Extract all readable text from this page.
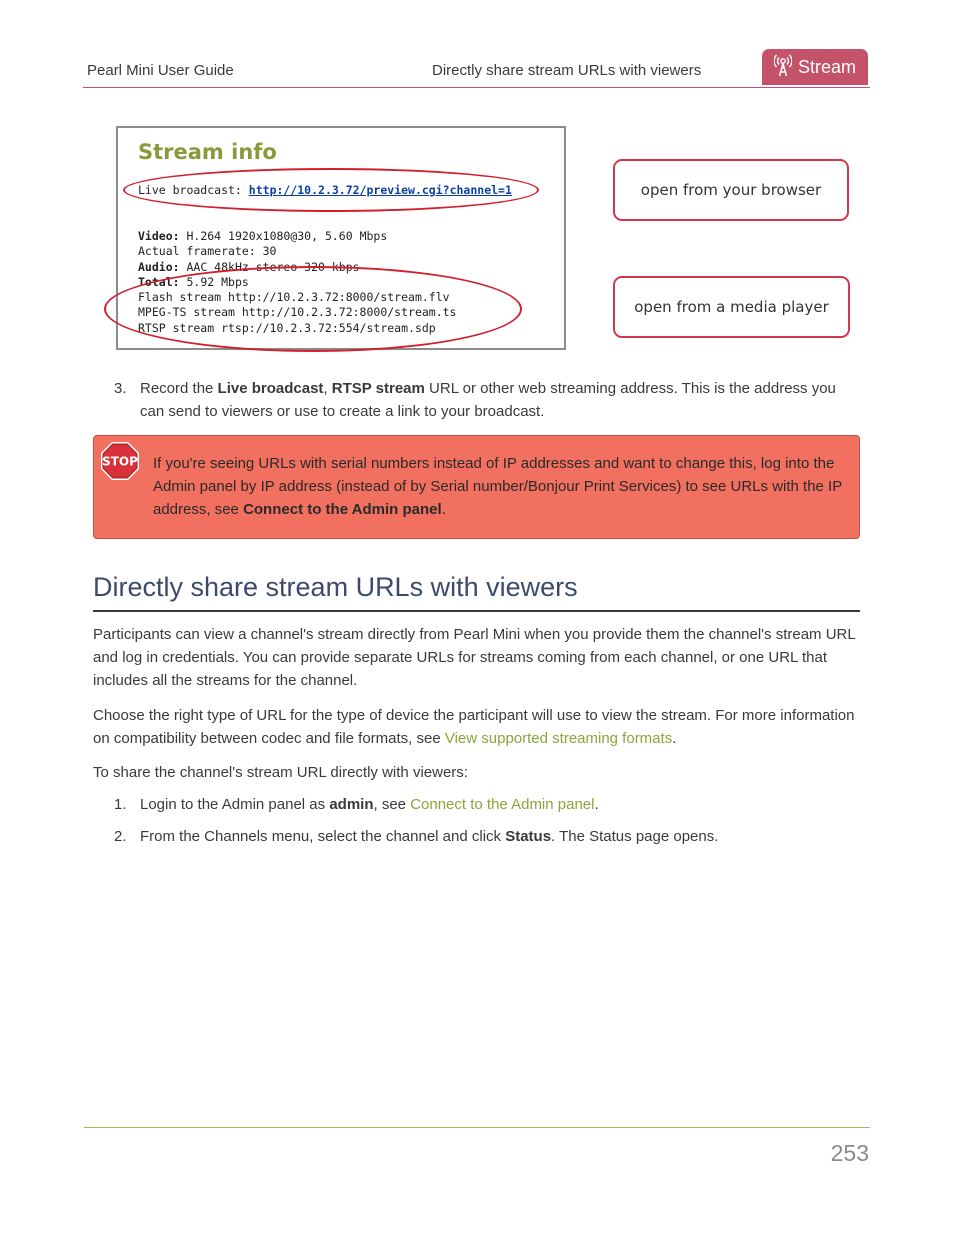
Pearl Mini User Guide	Directly share stream URLs with viewers	Stream
Stream info
Live broadcast: http://10.2.3.72/preview.cgi?channel=1
Video: H.264 1920x1080@30, 5.60 Mbps
Actual framerate: 30
Audio: AAC 48kHz stereo 320 kbps
Total: 5.92 Mbps
Flash stream http://10.2.3.72:8000/stream.flv
MPEG-TS stream http://10.2.3.72:8000/stream.ts
RTSP stream rtsp://10.2.3.72:554/stream.sdp
open from your browser
open from a media player
3. Record the Live broadcast, RTSP stream URL or other web streaming address. This is the address you can send to viewers or use to create a link to your broadcast.
STOP If you're seeing URLs with serial numbers instead of IP addresses and want to change this, log into the Admin panel by IP address (instead of by Serial number/Bonjour Print Services) to see URLs with the IP address, see Connect to the Admin panel.
Directly share stream URLs with viewers
Participants can view a channel's stream directly from Pearl Mini when you provide them the channel's stream URL and log in credentials. You can provide separate URLs for streams coming from each channel, or one URL that includes all the streams for the channel.
Choose the right type of URL for the type of device the participant will use to view the stream. For more information on compatibility between codec and file formats, see View supported streaming formats.
To share the channel's stream URL directly with viewers:
1. Login to the Admin panel as admin, see Connect to the Admin panel.
2. From the Channels menu, select the channel and click Status. The Status page opens.
253
